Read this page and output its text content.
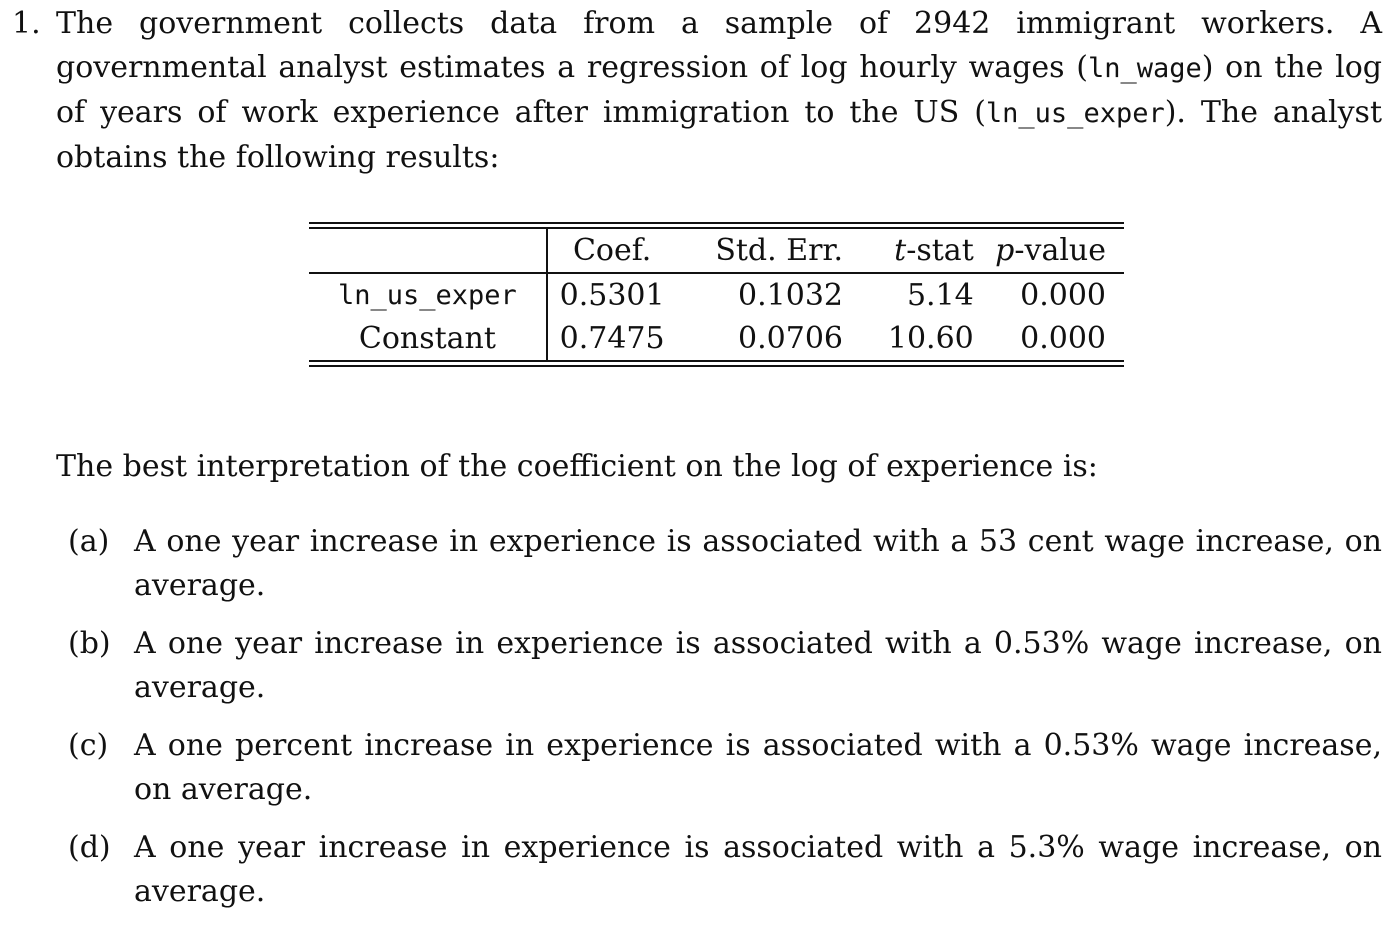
1. The government collects data from a sample of 2942 immigrant workers. A governmental analyst estimates a regression of log hourly wages (ln_wage) on the log of years of work experience after immigration to the US (ln_us_exper). The analyst obtains the following results:
	Coef.	Std. Err.	t-stat	p-value
ln_us_exper	0.5301	0.1032	5.14	0.000
Constant	0.7475	0.0706	10.60	0.000
The best interpretation of the coefficient on the log of experience is:
(a) A one year increase in experience is associated with a 53 cent wage increase, on average.
(b) A one year increase in experience is associated with a 0.53% wage increase, on average.
(c) A one percent increase in experience is associated with a 0.53% wage increase, on average.
(d) A one year increase in experience is associated with a 5.3% wage increase, on average.
